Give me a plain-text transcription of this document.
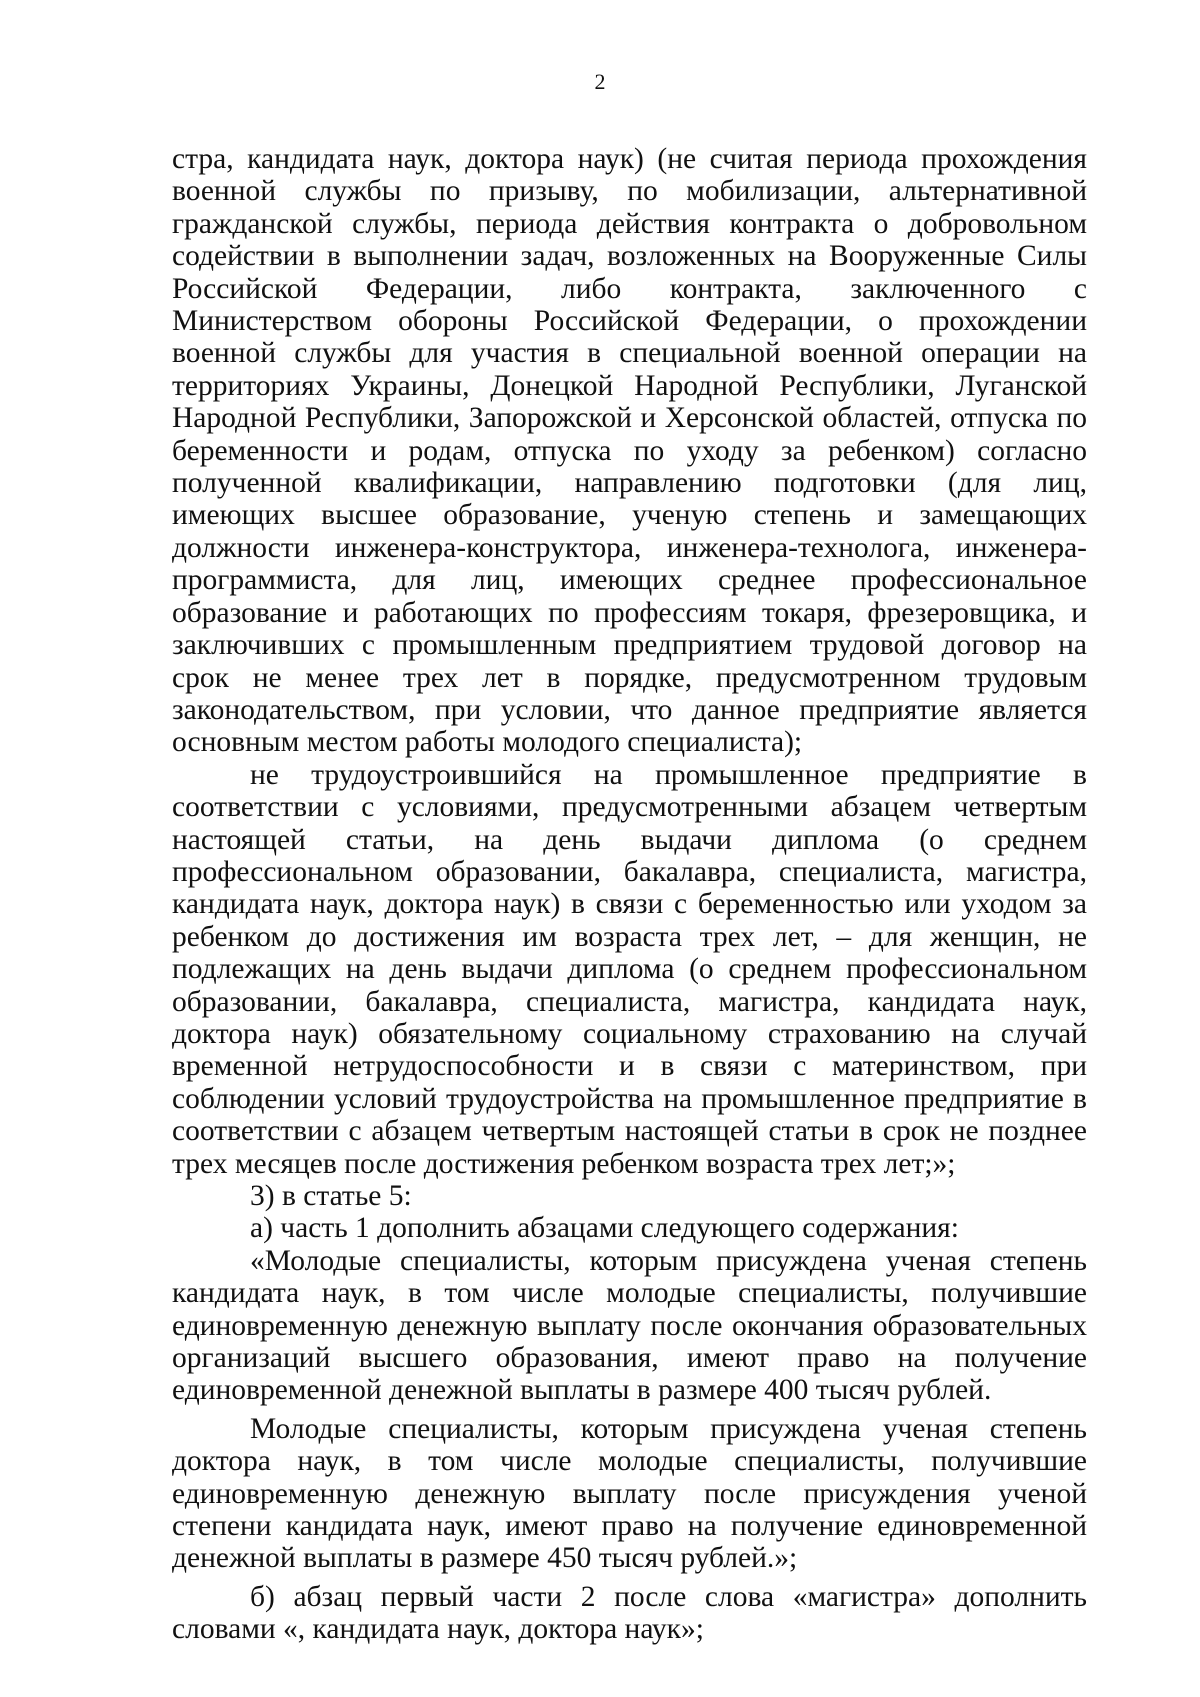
2

стра, кандидата наук, доктора наук) (не считая периода прохождения военной службы по призыву, по мобилизации, альтернативной гражданской службы, периода действия контракта о добровольном содействии в выполнении задач, возложенных на Вооруженные Силы Российской Федерации, либо контракта, заключенного с Министерством обороны Российской Федерации, о прохождении военной службы для участия в специальной военной операции на территориях Украины, Донецкой Народной Республики, Луганской Народной Республики, Запорожской и Херсонской областей, отпуска по беременности и родам, отпуска по уходу за ребенком) согласно полученной квалификации, направлению подготовки (для лиц, имеющих высшее образование, ученую степень и замещающих должности инженера-конструктора, инженера-технолога, инженера-программиста, для лиц, имеющих среднее профессиональное образование и работающих по профессиям токаря, фрезеровщика, и заключивших с промышленным предприятием трудовой договор на срок не менее трех лет в порядке, предусмотренном трудовым законодательством, при условии, что данное предприятие является основным местом работы молодого специалиста);

не трудоустроившийся на промышленное предприятие в соответствии с условиями, предусмотренными абзацем четвертым настоящей статьи, на день выдачи диплома (о среднем профессиональном образовании, бакалавра, специалиста, магистра, кандидата наук, доктора наук) в связи с беременностью или уходом за ребенком до достижения им возраста трех лет, – для женщин, не подлежащих на день выдачи диплома (о среднем профессиональном образовании, бакалавра, специалиста, магистра, кандидата наук, доктора наук) обязательному социальному страхованию на случай временной нетрудоспособности и в связи с материнством, при соблюдении условий трудоустройства на промышленное предприятие в соответствии с абзацем четвертым настоящей статьи в срок не позднее трех месяцев после достижения ребенком возраста трех лет;»;

3) в статье 5:

а) часть 1 дополнить абзацами следующего содержания:

«Молодые специалисты, которым присуждена ученая степень кандидата наук, в том числе молодые специалисты, получившие единовременную денежную выплату после окончания образовательных организаций высшего образования, имеют право на получение единовременной денежной выплаты в размере 400 тысяч рублей.

Молодые специалисты, которым присуждена ученая степень доктора наук, в том числе молодые специалисты, получившие единовременную денежную выплату после присуждения ученой степени кандидата наук, имеют право на получение единовременной денежной выплаты в размере 450 тысяч рублей.»;

б) абзац первый части 2 после слова «магистра» дополнить словами «, кандидата наук, доктора наук»;
